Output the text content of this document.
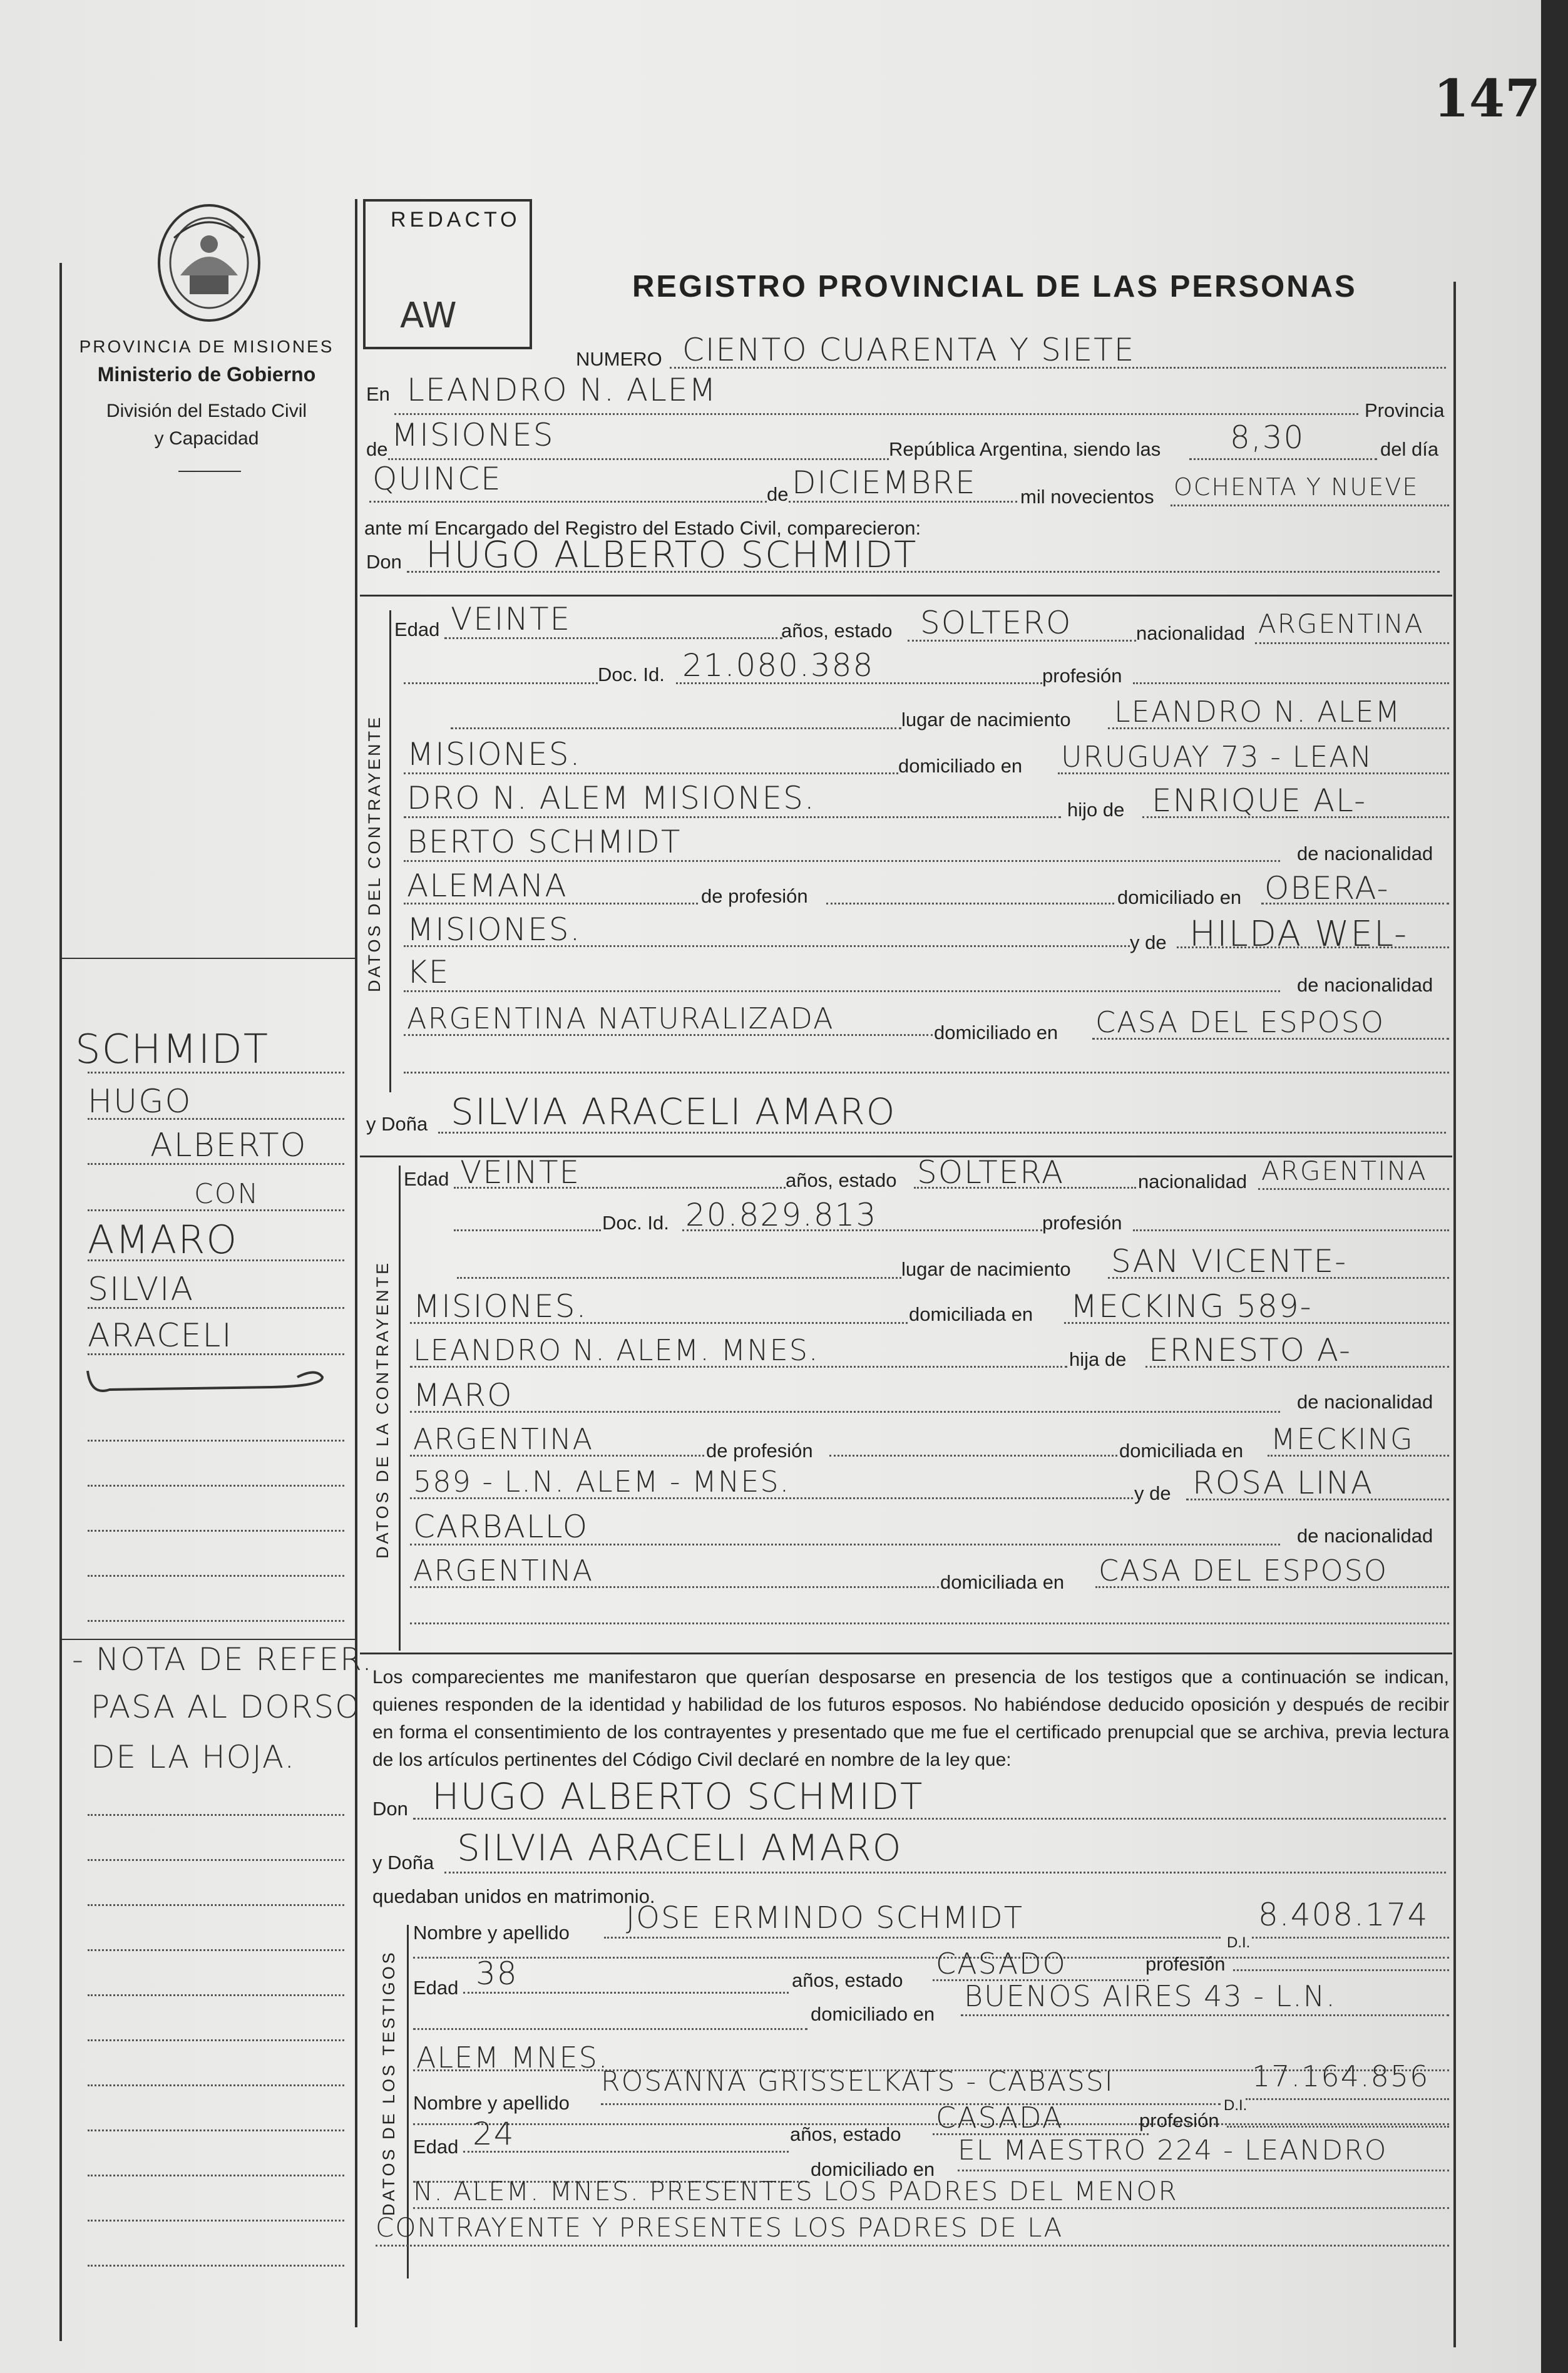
147
PROVINCIA DE MISIONES
Ministerio de Gobierno
División del Estado Civil
y Capacidad
REDACTO
AW
REGISTRO PROVINCIAL DE LAS PERSONAS
DATOS DEL CONTRAYENTE
DATOS DE LA CONTRAYENTE
DATOS DE LOS TESTIGOS
NUMERO CIENTO CUARENTA Y SIETE
En LEANDRO N. ALEM
Provincia
de MISIONES	República Argentina, siendo las 8,30	del día
QUINCE	de DICIEMBRE mil novecientos OCHENTA Y NUEVE
ante mí Encargado del Registro del Estado Civil, comparecieron:
Don HUGO ALBERTO SCHMIDT
Edad VEINTE	años, estado SOLTERO	nacionalidad ARGENTINA
Doc. Id. 21.080.388	profesión
lugar de nacimiento LEANDRO N. ALEM
MISIONES.	domiciliado en URUGUAY 73 - LEAN
DRO N. ALEM MISIONES.	hijo de ENRIQUE AL-
BERTO SCHMIDT	de nacionalidad
ALEMANA	de profesión	domiciliado en OBERA-
MISIONES.	y de HILDA WEL-
KE	de nacionalidad
ARGENTINA NATURALIZADA	domiciliado en CASA DEL ESPOSO
y Doña SILVIA ARACELI AMARO
Edad VEINTE	años, estado SOLTERA	nacionalidad ARGENTINA
Doc. Id. 20.829.813	profesión
lugar de nacimiento SAN VICENTE-
MISIONES.	domiciliada en MECKING 589-
LEANDRO N. ALEM. MNES.	hija de ERNESTO A-
MARO	de nacionalidad
ARGENTINA	de profesión	domiciliada en MECKING
589 - L.N. ALEM - MNES.	y de ROSA LINA
CARBALLO	de nacionalidad
ARGENTINA	domiciliada en CASA DEL ESPOSO
Los comparecientes me manifestaron que querían desposarse en presencia de los testigos que a continuación se indican, quienes responden de la identidad y habilidad de los futuros esposos. No habiéndose deducido oposición y después de recibir en forma el consentimiento de los contrayentes y presentado que me fue el certificado prenupcial que se archiva, previa lectura de los artículos pertinentes del Código Civil declaré en nombre de la ley que:
Don HUGO ALBERTO SCHMIDT
y Doña SILVIA ARACELI AMARO
quedaban unidos en matrimonio.
Nombre y apellido JOSE ERMINDO SCHMIDT
D.I.
8.408.174
Edad 38	años, estado CASADO	profesión
domiciliado en
BUENOS AIRES 43 - L.N.
ALEM MNES.
Nombre y apellido
ROSANNA GRISSELKATS - CABASSI
D.I.
17.164.856
Edad 24	años, estado CASADA	profesión
domiciliado en
EL MAESTRO 224 - LEANDRO
N. ALEM. MNES. PRESENTES LOS PADRES DEL MENOR
CONTRAYENTE Y PRESENTES LOS PADRES DE LA
SCHMIDT
HUGO
ALBERTO
CON
AMARO
SILVIA
ARACELI
- NOTA DE REFER.
PASA AL DORSO
DE LA HOJA.
